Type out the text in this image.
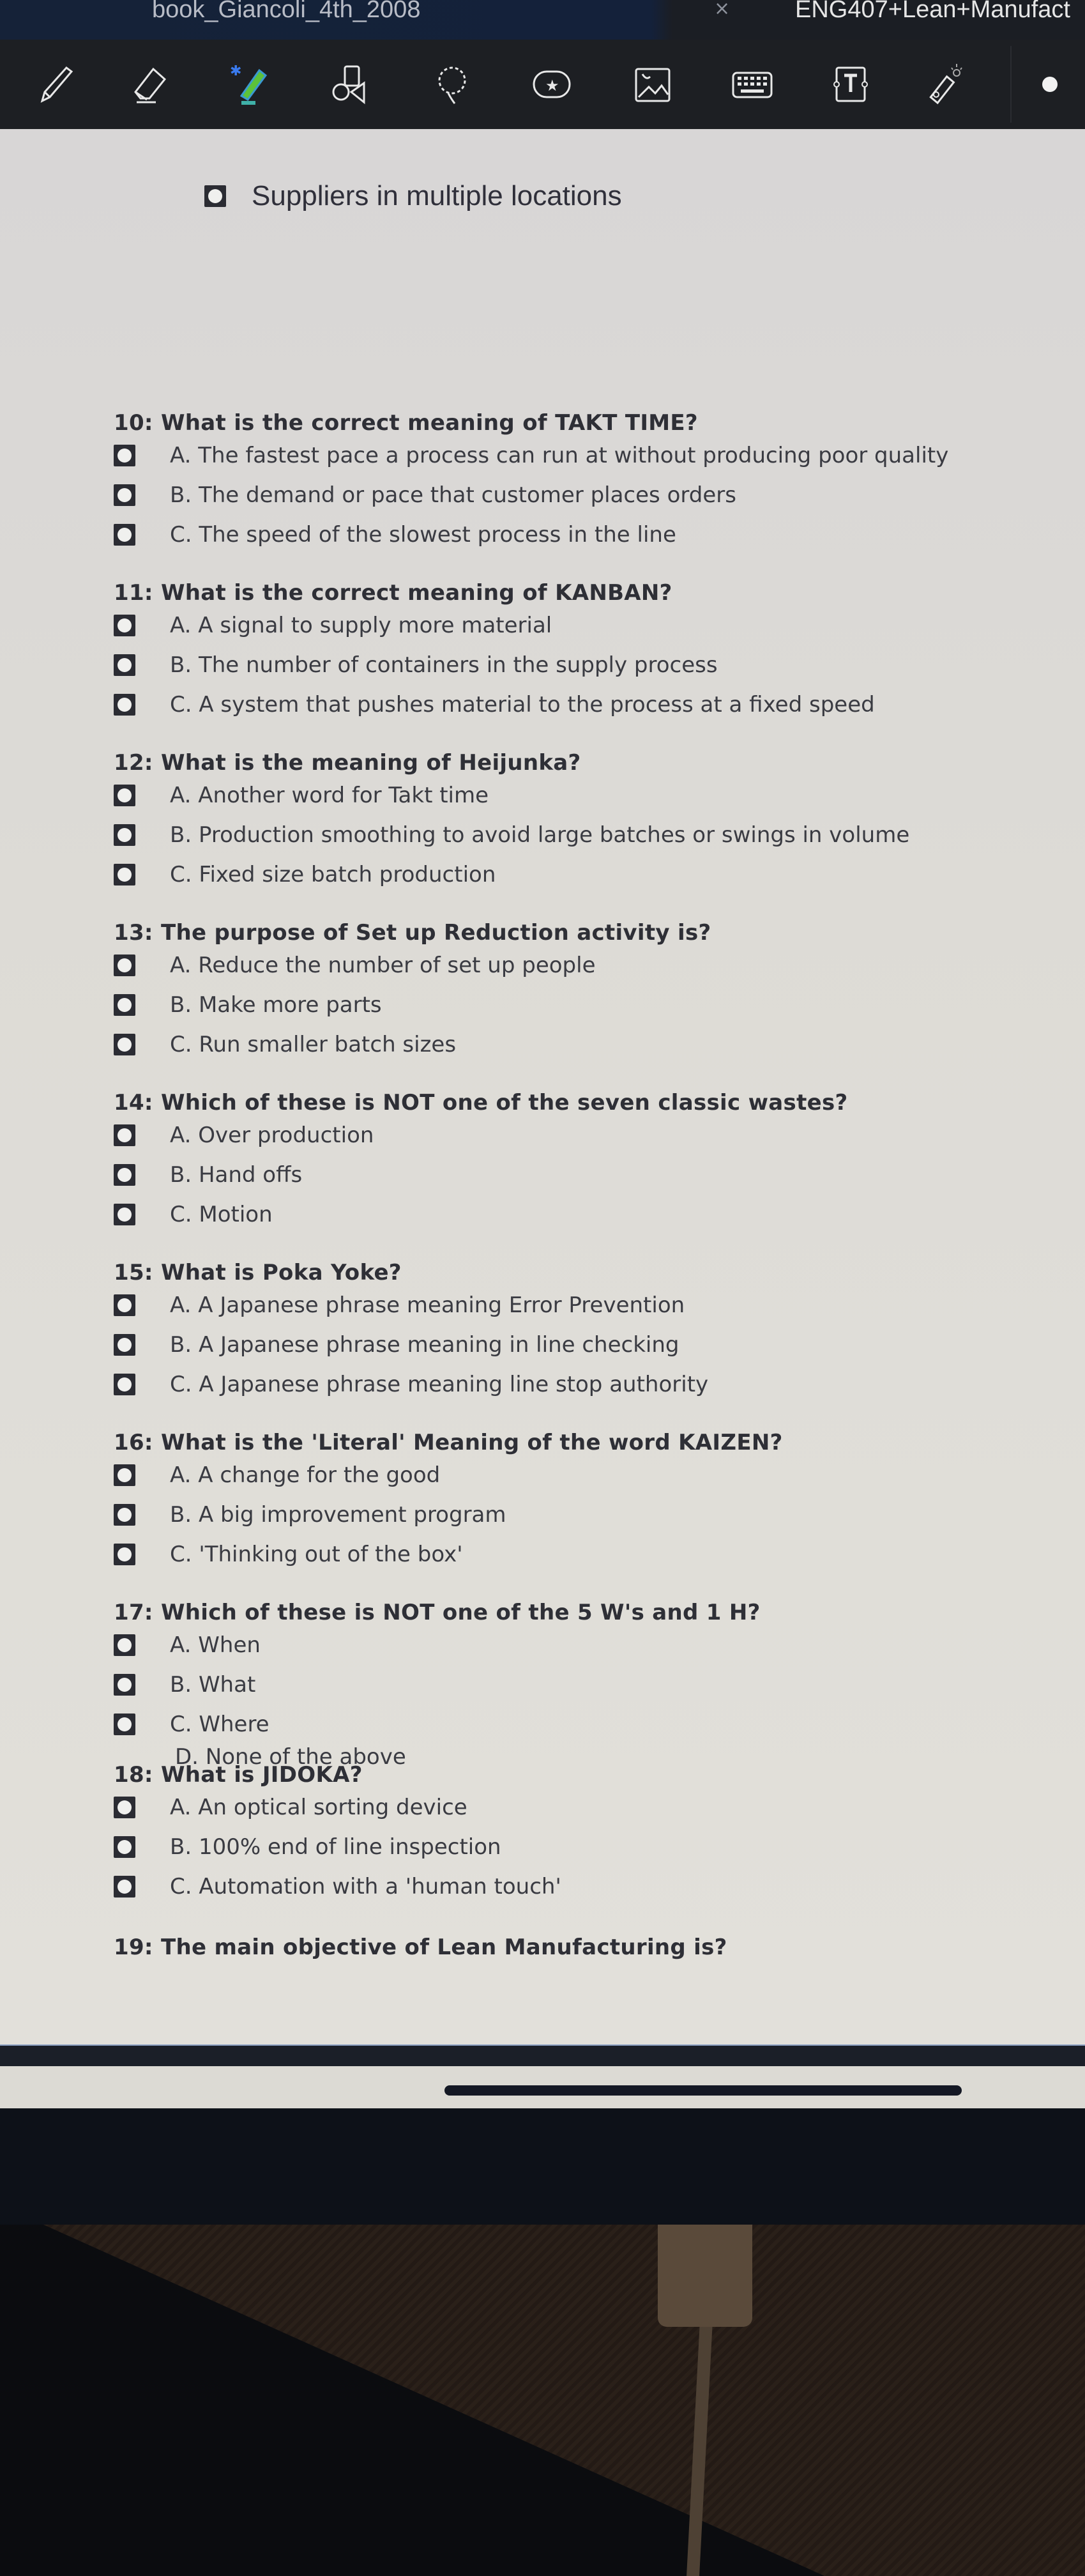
book_Giancoli_4th_2008	×	ENG407+Lean+Manufact
✱
★
Suppliers in multiple locations
10: What is the correct meaning of TAKT TIME?
A. The fastest pace a process can run at without producing poor quality
B. The demand or pace that customer places orders
C. The speed of the slowest process in the line
11: What is the correct meaning of KANBAN?
A. A signal to supply more material
B. The number of containers in the supply process
C. A system that pushes material to the process at a fixed speed
12: What is the meaning of Heijunka?
A. Another word for Takt time
B. Production smoothing to avoid large batches or swings in volume
C. Fixed size batch production
13: The purpose of Set up Reduction activity is?
A. Reduce the number of set up people
B. Make more parts
C. Run smaller batch sizes
14: Which of these is NOT one of the seven classic wastes?
A. Over production
B. Hand offs
C. Motion
15: What is Poka Yoke?
A. A Japanese phrase meaning Error Prevention
B. A Japanese phrase meaning in line checking
C. A Japanese phrase meaning line stop authority
16: What is the 'Literal' Meaning of the word KAIZEN?
A. A change for the good
B. A big improvement program
C. 'Thinking out of the box'
17: Which of these is NOT one of the 5 W's and 1 H?
A. When
B. What
C. Where
D. None of the above
18: What is JIDOKA?
A. An optical sorting device
B. 100% end of line inspection
C. Automation with a 'human touch'
19: The main objective of Lean Manufacturing is?
